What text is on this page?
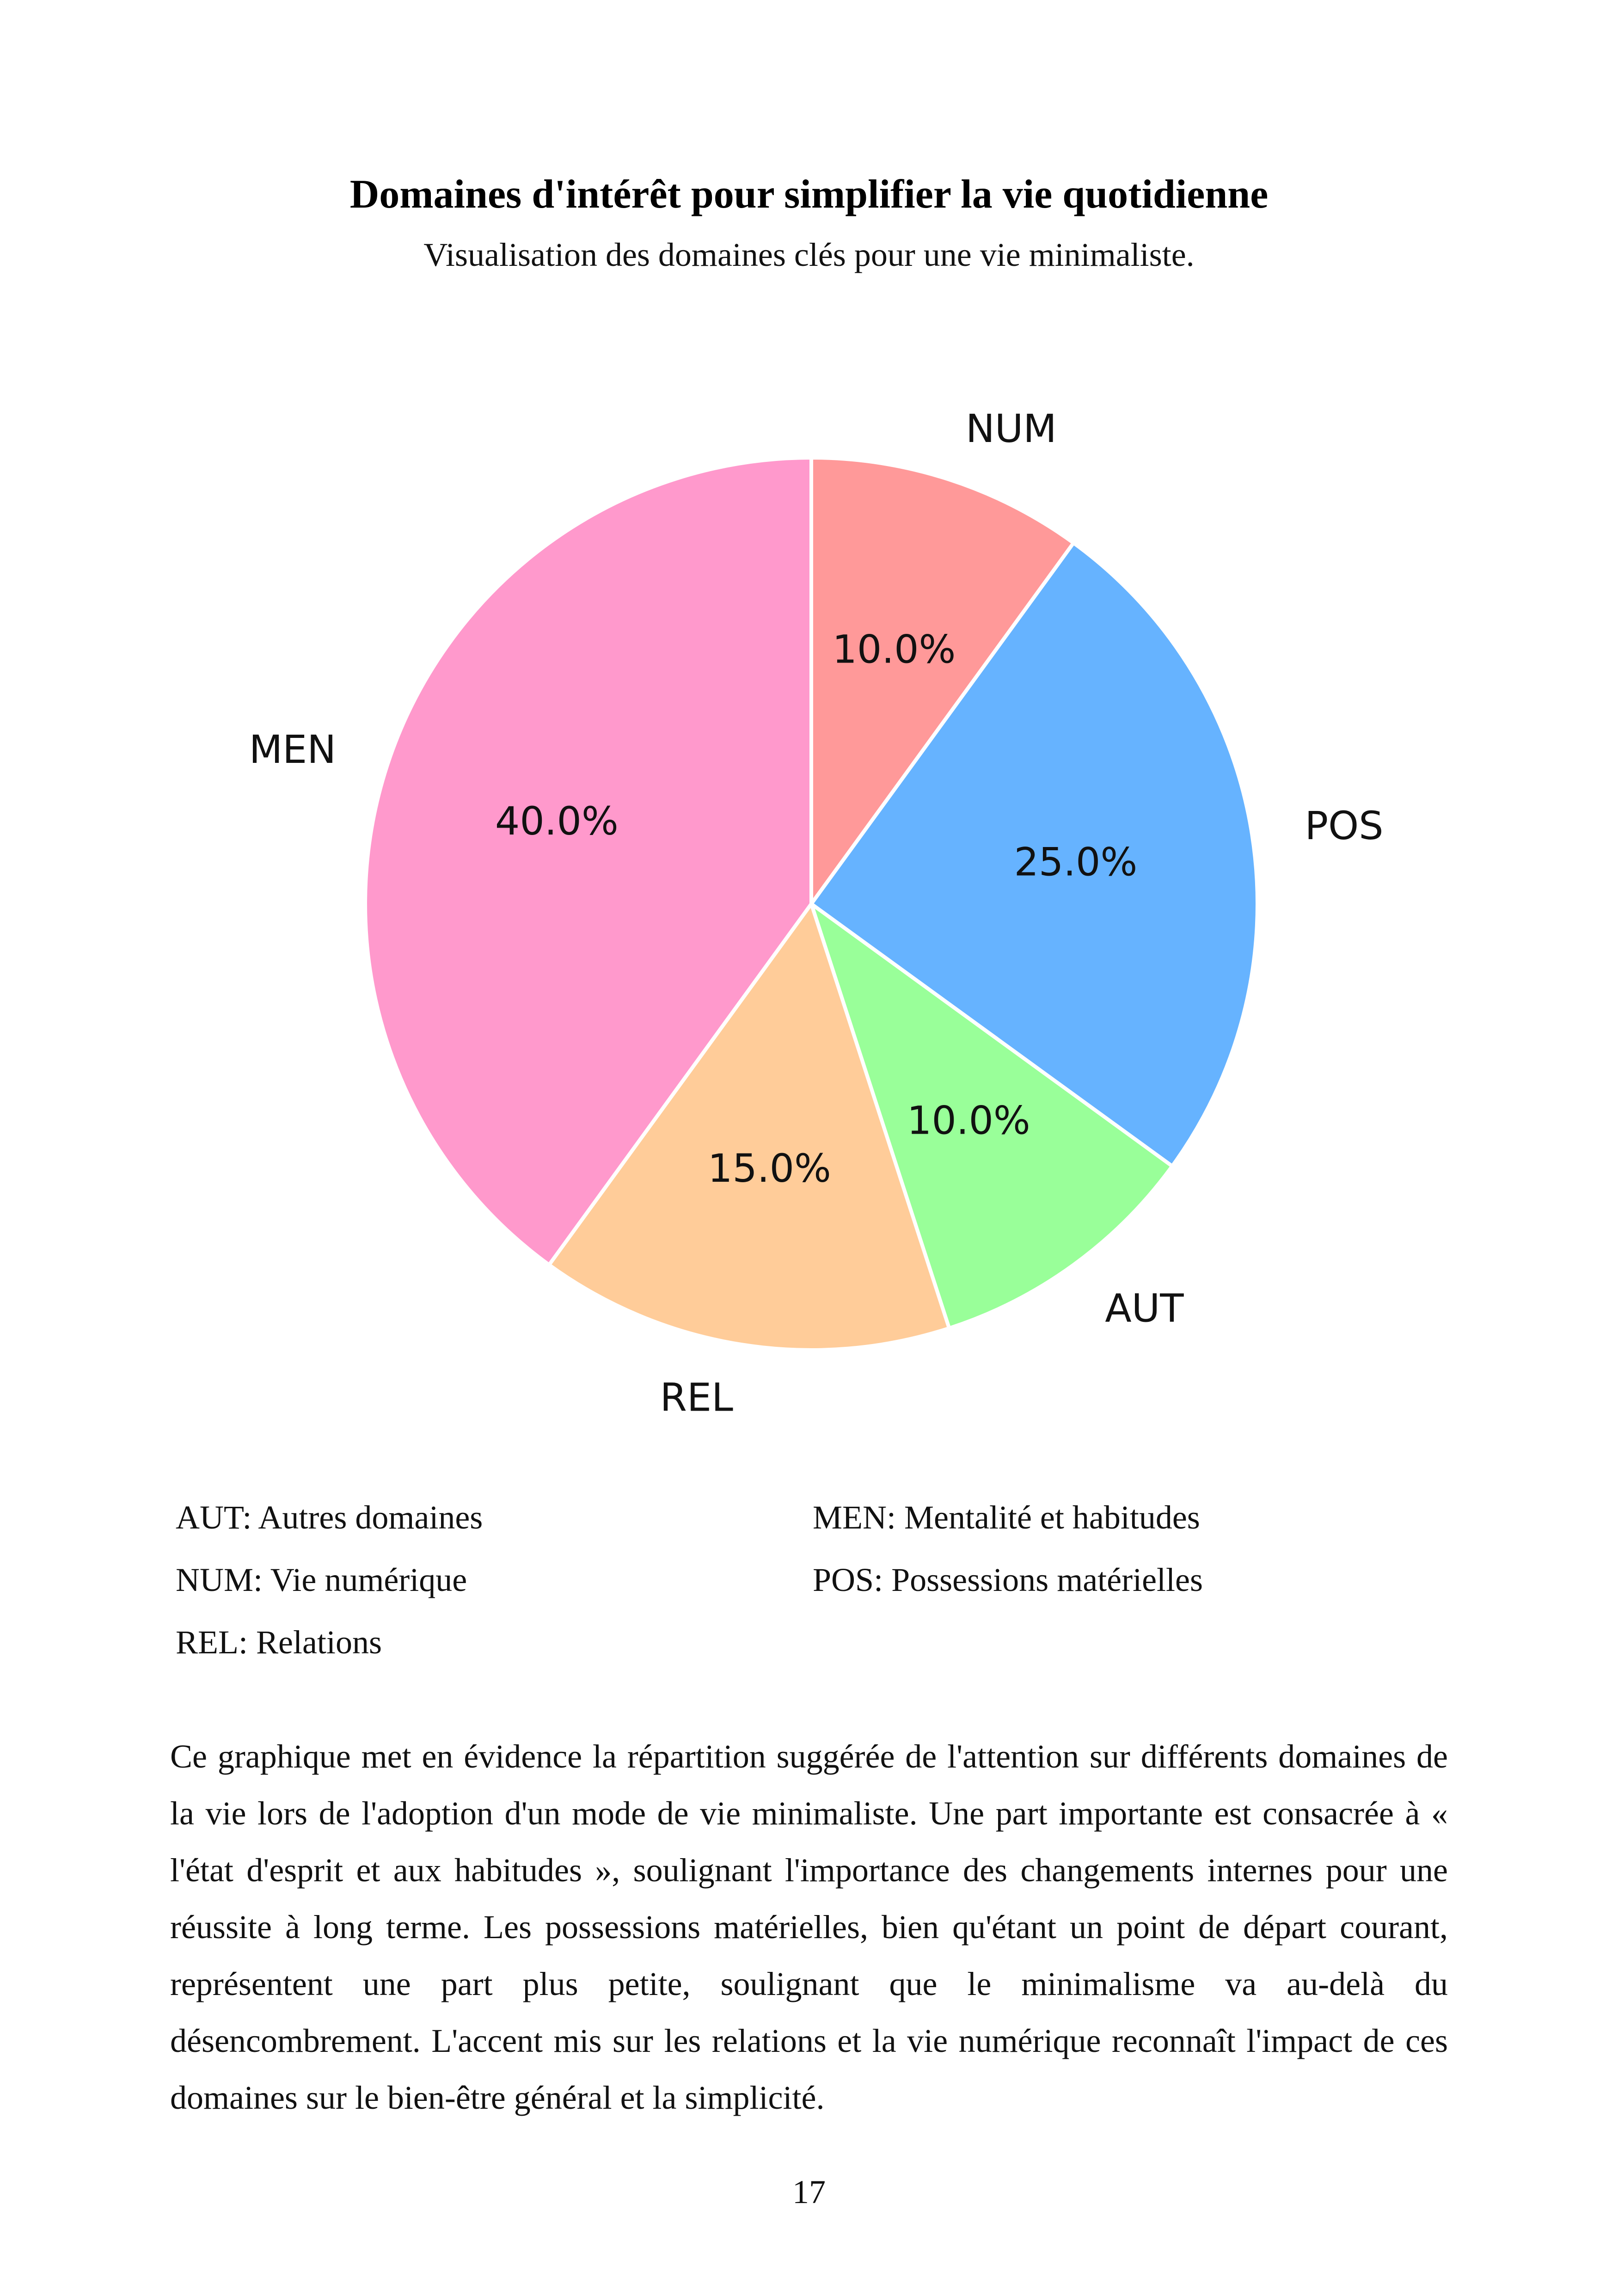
Domaines d'intérêt pour simplifier la vie quotidienne
Visualisation des domaines clés pour une vie minimaliste.
10.0%
NUM
25.0%
POS
10.0%
AUT
15.0%
REL
40.0%
MEN
AUT: Autres domaines
NUM: Vie numérique
REL: Relations
MEN: Mentalité et habitudes
POS: Possessions matérielles
Ce graphique met en évidence la répartition suggérée de l'attention sur différents domaines de la vie lors de l'adoption d'un mode de vie minimaliste. Une part importante est consacrée à « l'état d'esprit et aux habitudes », soulignant l'importance des changements internes pour une réussite à long terme. Les possessions matérielles, bien qu'étant un point de départ courant, représentent une part plus petite, soulignant que le minimalisme va au-delà du désencombrement. L'accent mis sur les relations et la vie numérique reconnaît l'impact de ces domaines sur le bien-être général et la simplicité.
17
